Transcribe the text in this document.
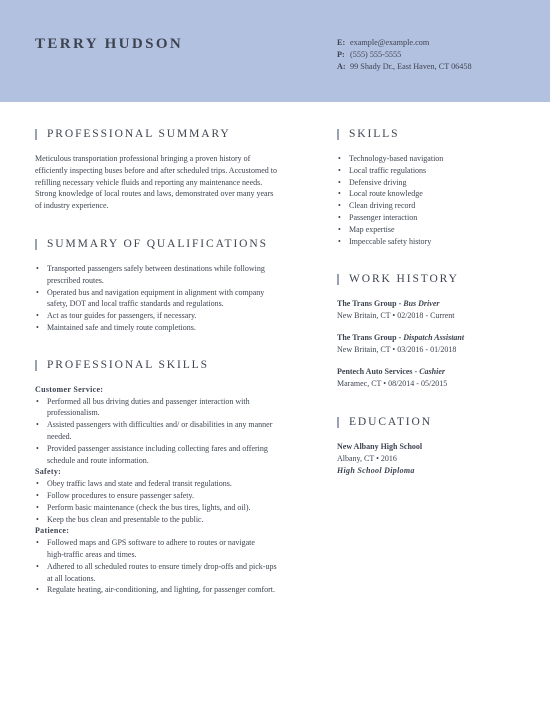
TERRY HUDSON	E: example@example.com
P: (555) 555-5555
A: 99 Shady Dr., East Haven, CT 06458
PROFESSIONAL SUMMARY
Meticulous transportation professional bringing a proven history of
efficiently inspecting buses before and after scheduled trips. Accustomed to
refilling necessary vehicle fluids and reporting any maintenance needs.
Strong knowledge of local routes and laws, demonstrated over many years
of industry experience.
SUMMARY OF QUALIFICATIONS
• Transported passengers safely between destinations while following
prescribed routes.
• Operated bus and navigation equipment in alignment with company
safety, DOT and local traffic standards and regulations.
• Act as tour guides for passengers, if necessary.
• Maintained safe and timely route completions.
PROFESSIONAL SKILLS
Customer Service:
• Performed all bus driving duties and passenger interaction with
professionalism.
• Assisted passengers with difficulties and/ or disabilities in any manner
needed.
• Provided passenger assistance including collecting fares and offering
schedule and route information.
Safety:
• Obey traffic laws and state and federal transit regulations.
• Follow procedures to ensure passenger safety.
• Perform basic maintenance (check the bus tires, lights, and oil).
• Keep the bus clean and presentable to the public.
Patience:
• Followed maps and GPS software to adhere to routes or navigate
high-traffic areas and times.
• Adhered to all scheduled routes to ensure timely drop-offs and pick-ups
at all locations.
• Regulate heating, air-conditioning, and lighting, for passenger comfort.
SKILLS
• Technology-based navigation
• Local traffic regulations
• Defensive driving
• Local route knowledge
• Clean driving record
• Passenger interaction
• Map expertise
• Impeccable safety history
WORK HISTORY
The Trans Group - Bus Driver
New Britain, CT • 02/2018 - Current
The Trans Group - Dispatch Assistant
New Britain, CT • 03/2016 - 01/2018
Pentech Auto Services - Cashier
Maramec, CT • 08/2014 - 05/2015
EDUCATION
New Albany High School
Albany, CT • 2016
High School Diploma
